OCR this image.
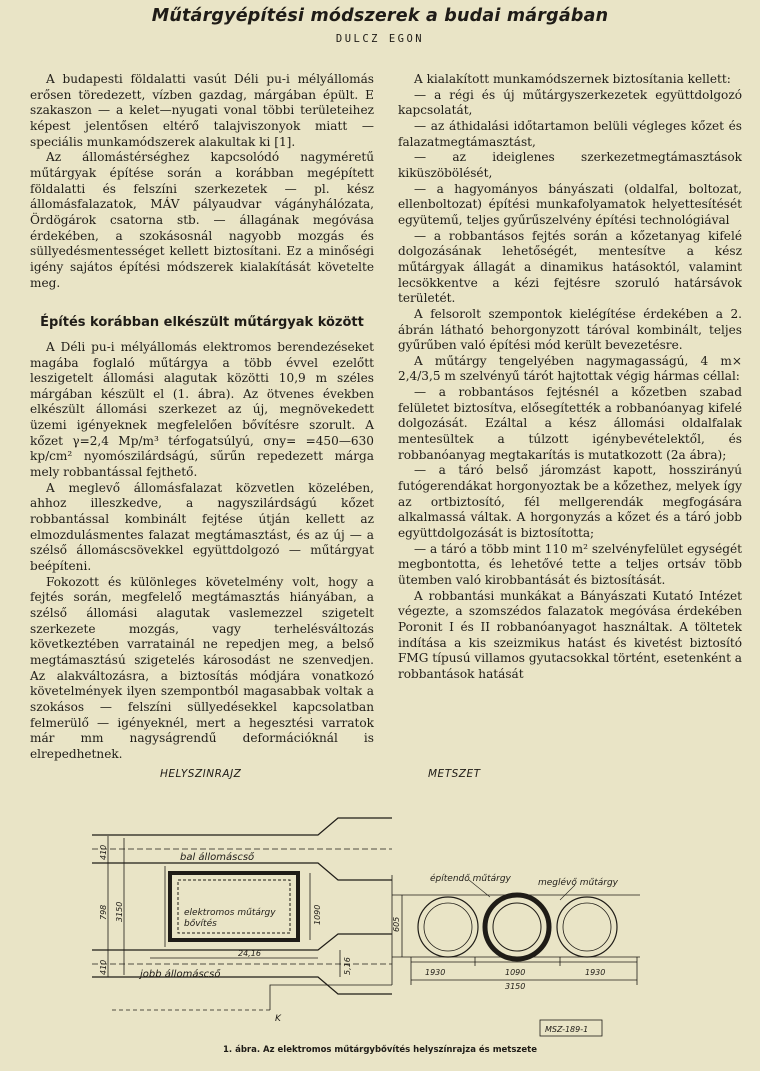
Műtárgyépítési módszerek a budai márgában
DULCZ EGON

A budapesti földalatti vasút Déli pu-i mélyállomás erősen töredezett, vízben gazdag, márgában épült. E szakaszon — a kelet—nyugati vonal többi területeihez képest jelentősen eltérő talajviszonyok miatt — speciális munkamódszerek alakultak ki [1].

Az állomástérséghez kapcsolódó nagyméretű műtárgyak építése során a korábban megépített földalatti és felszíni szerkezetek — pl. kész állomásfalazatok, MÁV pályaudvar vágányhálózata, Ördögárok csatorna stb. — állagának megóvása érdekében, a szokásosnál nagyobb mozgás és süllyedésmentességet kellett biztosítani. Ez a minőségi igény sajátos építési módszerek kialakítását követelte meg.

Építés korábban elkészült műtárgyak között

A Déli pu-i mélyállomás elektromos berendezéseket magába foglaló műtárgya a több évvel ezelőtt leszigetelt állomási alagutak közötti 10,9 m széles márgában készült el (1. ábra). Az ötvenes években elkészült állomási szerkezet az új, megnövekedett üzemi igényeknek megfelelően bővítésre szorult. A kőzet γ=2,4 Mp/m³ térfogatsúlyú, σny= =450—630 kp/cm² nyomószilárdságú, sűrűn repedezett márga mely robbantással fejthető.

A meglevő állomásfalazat közvetlen közelében, ahhoz illeszkedve, a nagyszilárdságú kőzet robbantással kombinált fejtése útján kellett az elmozdulásmentes falazat megtámasztást, és az új — a szélső állomáscsövekkel együttdolgozó — műtárgyat beépíteni.

Fokozott és különleges követelmény volt, hogy a fejtés során, megfelelő megtámasztás hiányában, a szélső állomási alagutak vaslemezzel szigetelt szerkezete mozgás, vagy terhelésváltozás következtében varratainál ne repedjen meg, a belső megtámasztású szigetelés károsodást ne szenvedjen. Az alakváltozásra, a biztosítás módjára vonatkozó követelmények ilyen szempontból magasabbak voltak a szokásos — felszíni süllyedésekkel kapcsolatban felmerülő — igényeknél, mert a hegesztési varratok már mm nagyságrendű deformációknál is elrepedhetnek.

A kialakított munkamódszernek biztosítania kellett:

— a régi és új műtárgyszerkezetek együttdolgozó kapcsolatát,

— az áthidalási időtartamon belüli végleges kőzet és falazatmegtámasztást,

— az ideiglenes szerkezetmegtámasztások kiküszöbölését,

— a hagyományos bányászati (oldalfal, boltozat, ellenboltozat) építési munkafolyamatok helyettesítését együtemű, teljes gyűrűszelvény építési technológiával

— a robbantásos fejtés során a kőzetanyag kifelé dolgozásának lehetőségét, mentesítve a kész műtárgyak állagát a dinamikus hatásoktól, valamint lecsökkentve a kézi fejtésre szoruló határsávok területét.

A felsorolt szempontok kielégítése érdekében a 2. ábrán látható behorgonyzott táróval kombinált, teljes gyűrűben való építési mód került bevezetésre.

A műtárgy tengelyében nagymagasságú, 4 m× 2,4/3,5 m szelvényű tárót hajtottak végig hármas céllal:

— a robbantásos fejtésnél a kőzetben szabad felületet biztosítva, elősegítették a robbanóanyag kifelé dolgozását. Ezáltal a kész állomási oldalfalak mentesültek a túlzott igénybevételektől, és robbanóanyag megtakarítás is mutatkozott (2a ábra);

— a táró belső járomzást kapott, hosszirányú futógerendákat horgonyoztak be a kőzethez, melyek így az ortbiztosító, fél mellgerendák megfogására alkalmassá váltak. A horgonyzás a kőzet és a táró jobb együttdolgozását is biztosította;

— a táró a több mint 110 m² szelvényfelület egységét megbontotta, és lehetővé tette a teljes ortsáv több ütemben való kirobbantását és biztosítását.

A robbantási munkákat a Bányászati Kutató Intézet végezte, a szomszédos falazatok megóvása érdekében Poronit I és II robbanóanyagot használtak. A töltetek indítása a kis szeizmikus hatást és kivetést biztosító FMG típusú villamos gyutacsokkal történt, esetenként a robbantások hatását

HELYSZINRAJZ	METSZET
bal állomáscső
jobb állomáscső
elektromos műtárgy
bővítés
építendő műtárgy	meglévő műtárgy
410
798 3150
410
1090
24,16
5,16
605
1930	1090	1930
3150
K
MSZ-189-1
1. ábra. Az elektromos műtárgybővítés helyszínrajza és metszete
